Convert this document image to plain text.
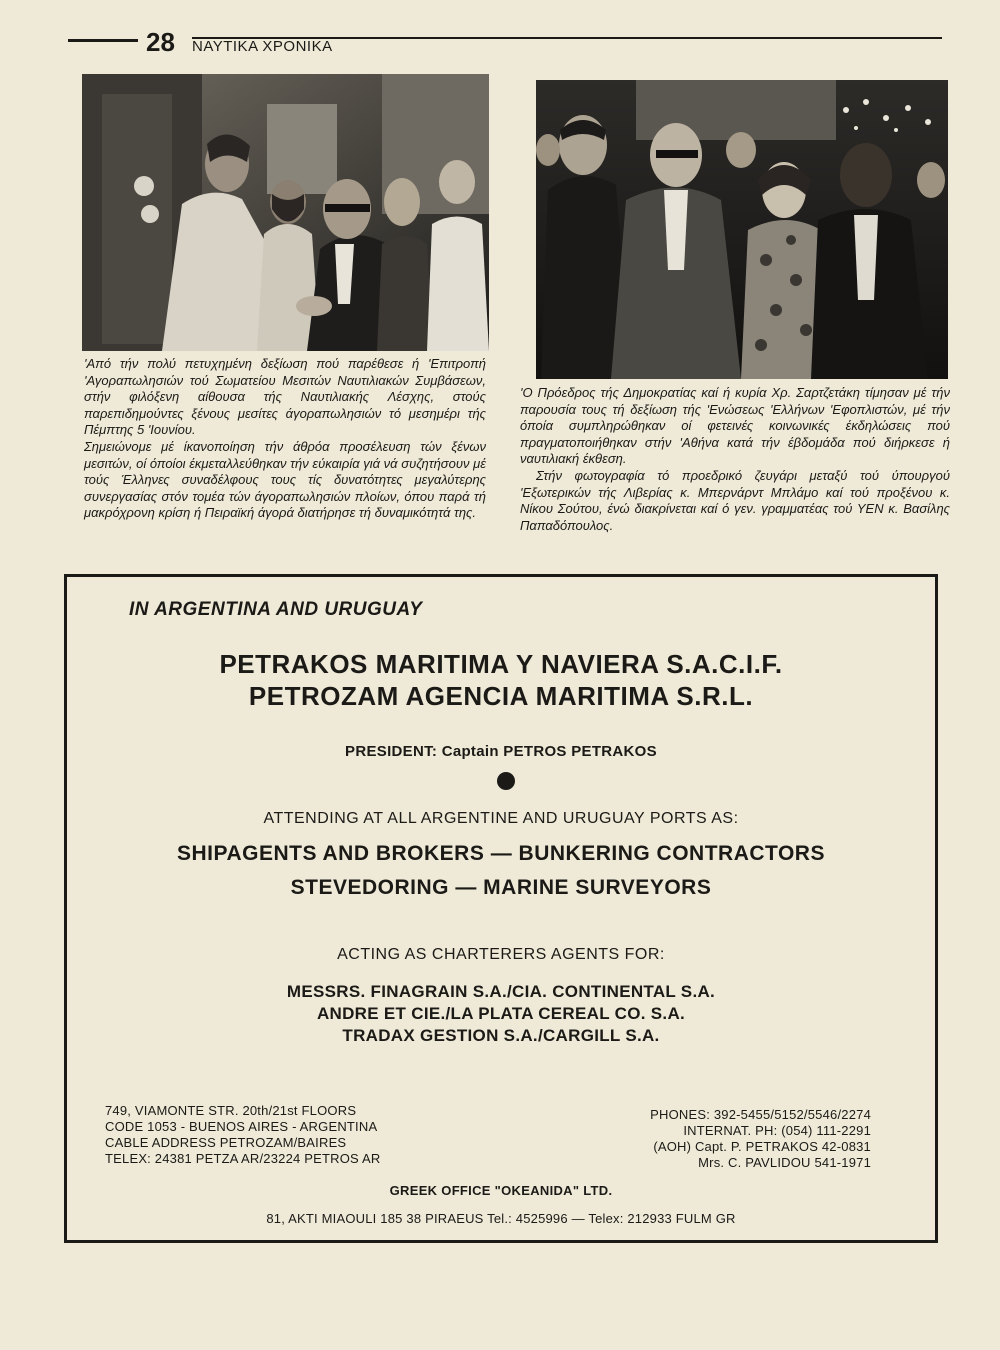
28 ΝΑΥΤΙΚΑ ΧΡΟΝΙΚΑ

'Από τήν πολύ πετυχημένη δεξίωση πού παρέθεσε ή 'Επιτροπή 'Αγοραπωλησιών τού Σωματείου Μεσιτών Ναυτιλιακών Συμβάσεων, στήν φιλόξενη αίθουσα τής Ναυτιλιακής Λέσχης, στούς παρεπιδημούντες ξένους μεσίτες άγοραπωλησιών τό μεσημέρι τής Πέμπτης 5 'Ιουνίου.

Σημειώνομε μέ ίκανοποίηση τήν άθρόα προσέλευση τών ξένων μεσιτών, οί όποίοι έκμεταλλεύθηκαν τήν εύκαιρία γιά νά συζητήσουν μέ τούς Έλληνες συναδέλφους τους τίς δυνατότητες μεγαλύτερης συνεργασίας στόν τομέα τών άγοραπωλησιών πλοίων, όπου παρά τή μακρόχρονη κρίση ή Πειραϊκή άγορά διατήρησε τή δυναμικότητά της.

'Ο Πρόεδρος τής Δημοκρατίας καί ή κυρία Χρ. Σαρτζετάκη τίμησαν μέ τήν παρουσία τους τή δεξίωση τής 'Ενώσεως 'Ελλήνων 'Εφοπλιστών, μέ τήν όποία συμπληρώθηκαν οί φετεινές κοινωνικές έκδηλώσεις πού πραγματοποιήθηκαν στήν 'Αθήνα κατά τήν έβδομάδα πού διήρκεσε ή ναυτιλιακή έκθεση.

Στήν φωτογραφία τό προεδρικό ζευγάρι μεταξύ τού ύπουργού 'Εξωτερικών τής Λιβερίας κ. Μπερνάρντ Μπλάμο καί τού προξένου κ. Νίκου Σούτου, ένώ διακρίνεται καί ό γεν. γραμματέας τού ΥΕΝ κ. Βασίλης Παπαδόπουλος.

IN ARGENTINA AND URUGUAY
PETRAKOS MARITIMA Y NAVIERA S.A.C.I.F.
PETROZAM AGENCIA MARITIMA S.R.L.
PRESIDENT: Captain PETROS PETRAKOS
ATTENDING AT ALL ARGENTINE AND URUGUAY PORTS AS:
SHIPAGENTS AND BROKERS — BUNKERING CONTRACTORS
STEVEDORING — MARINE SURVEYORS
ACTING AS CHARTERERS AGENTS FOR:
MESSRS. FINAGRAIN S.A./CIA. CONTINENTAL S.A.
ANDRE ET CIE./LA PLATA CEREAL CO. S.A.
TRADAX GESTION S.A./CARGILL S.A.
749, VIAMONTE STR. 20th/21st FLOORS
CODE 1053 - BUENOS AIRES - ARGENTINA
CABLE ADDRESS PETROZAM/BAIRES
TELEX: 24381 PETZA AR/23224 PETROS AR
PHONES: 392-5455/5152/5546/2274
INTERNAT. PH: (054) 111-2291
(AOH) Capt. P. PETRAKOS 42-0831
Mrs. C. PAVLIDOU 541-1971
GREEK OFFICE "OKEANIDA" LTD.
81, AKTI MIAOULI 185 38 PIRAEUS Tel.: 4525996 — Telex: 212933 FULM GR
